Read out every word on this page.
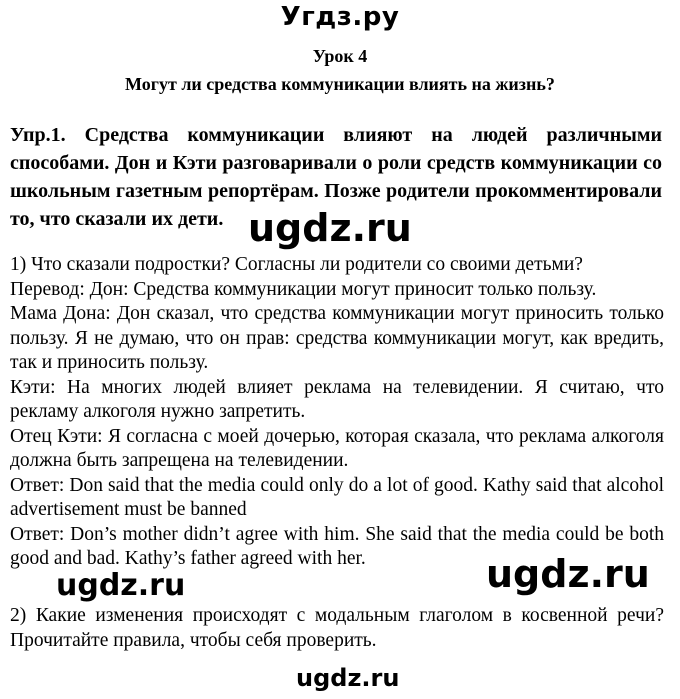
Угдз.ру
Урок 4
Могут ли средства коммуникации влиять на жизнь?
Упр.1. Средства коммуникации влияют на людей различными способами. Дон и Кэти разговаривали о роли средств коммуникации со школьным газетным репортёрам. Позже родители прокомментировали то, что сказали их дети.

1) Что сказали подростки? Согласны ли родители со своими детьми?

Перевод: Дон: Средства коммуникации могут приносит только пользу.

Мама Дона: Дон сказал, что средства коммуникации могут приносить только пользу. Я не думаю, что он прав: средства коммуникации могут, как вредить, так и приносить пользу.

Кэти: На многих людей влияет реклама на телевидении. Я считаю, что рекламу алкоголя нужно запретить.

Отец Кэти: Я согласна с моей дочерью, которая сказала, что реклама алкоголя должна быть запрещена на телевидении.

Ответ: Don said that the media could only do a lot of good. Kathy said that alcohol advertisement must be banned

Ответ: Don’s mother didn’t agree with him. She said that the media could be both good and bad. Kathy’s father agreed with her.

2) Какие изменения происходят с модальным глаголом в косвенной речи? Прочитайте правила, чтобы себя проверить.

ugdz.ru
ugdz.ru	ugdz.ru
ugdz.ru
